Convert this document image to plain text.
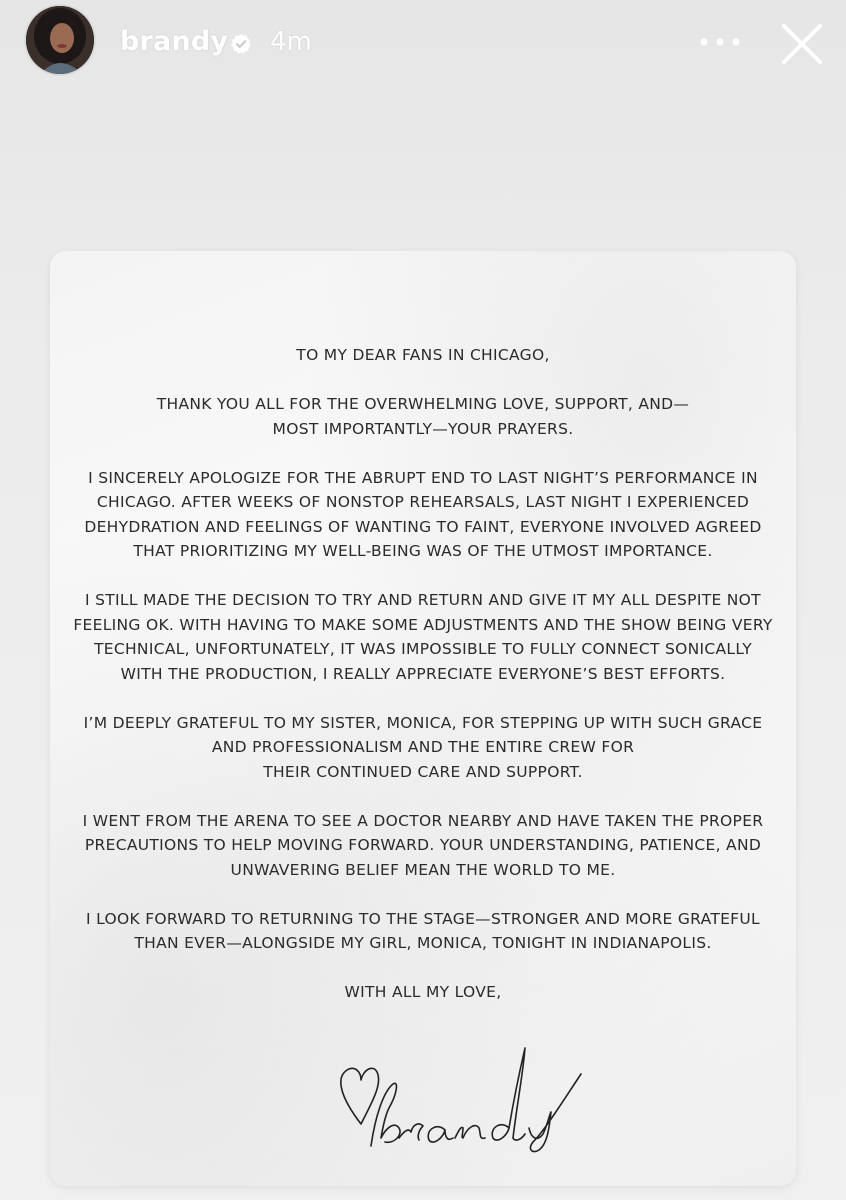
brandy 4m

TO MY DEAR FANS IN CHICAGO,

THANK YOU ALL FOR THE OVERWHELMING LOVE, SUPPORT, AND—
MOST IMPORTANTLY—YOUR PRAYERS.

I SINCERELY APOLOGIZE FOR THE ABRUPT END TO LAST NIGHT’S PERFORMANCE IN
CHICAGO. AFTER WEEKS OF NONSTOP REHEARSALS, LAST NIGHT I EXPERIENCED
DEHYDRATION AND FEELINGS OF WANTING TO FAINT, EVERYONE INVOLVED AGREED
THAT PRIORITIZING MY WELL-BEING WAS OF THE UTMOST IMPORTANCE.

I STILL MADE THE DECISION TO TRY AND RETURN AND GIVE IT MY ALL DESPITE NOT
FEELING OK. WITH HAVING TO MAKE SOME ADJUSTMENTS AND THE SHOW BEING VERY
TECHNICAL, UNFORTUNATELY, IT WAS IMPOSSIBLE TO FULLY CONNECT SONICALLY
WITH THE PRODUCTION, I REALLY APPRECIATE EVERYONE’S BEST EFFORTS.

I’M DEEPLY GRATEFUL TO MY SISTER, MONICA, FOR STEPPING UP WITH SUCH GRACE
AND PROFESSIONALISM AND THE ENTIRE CREW FOR
THEIR CONTINUED CARE AND SUPPORT.

I WENT FROM THE ARENA TO SEE A DOCTOR NEARBY AND HAVE TAKEN THE PROPER
PRECAUTIONS TO HELP MOVING FORWARD. YOUR UNDERSTANDING, PATIENCE, AND
UNWAVERING BELIEF MEAN THE WORLD TO ME.

I LOOK FORWARD TO RETURNING TO THE STAGE—STRONGER AND MORE GRATEFUL
THAN EVER—ALONGSIDE MY GIRL, MONICA, TONIGHT IN INDIANAPOLIS.

WITH ALL MY LOVE,
